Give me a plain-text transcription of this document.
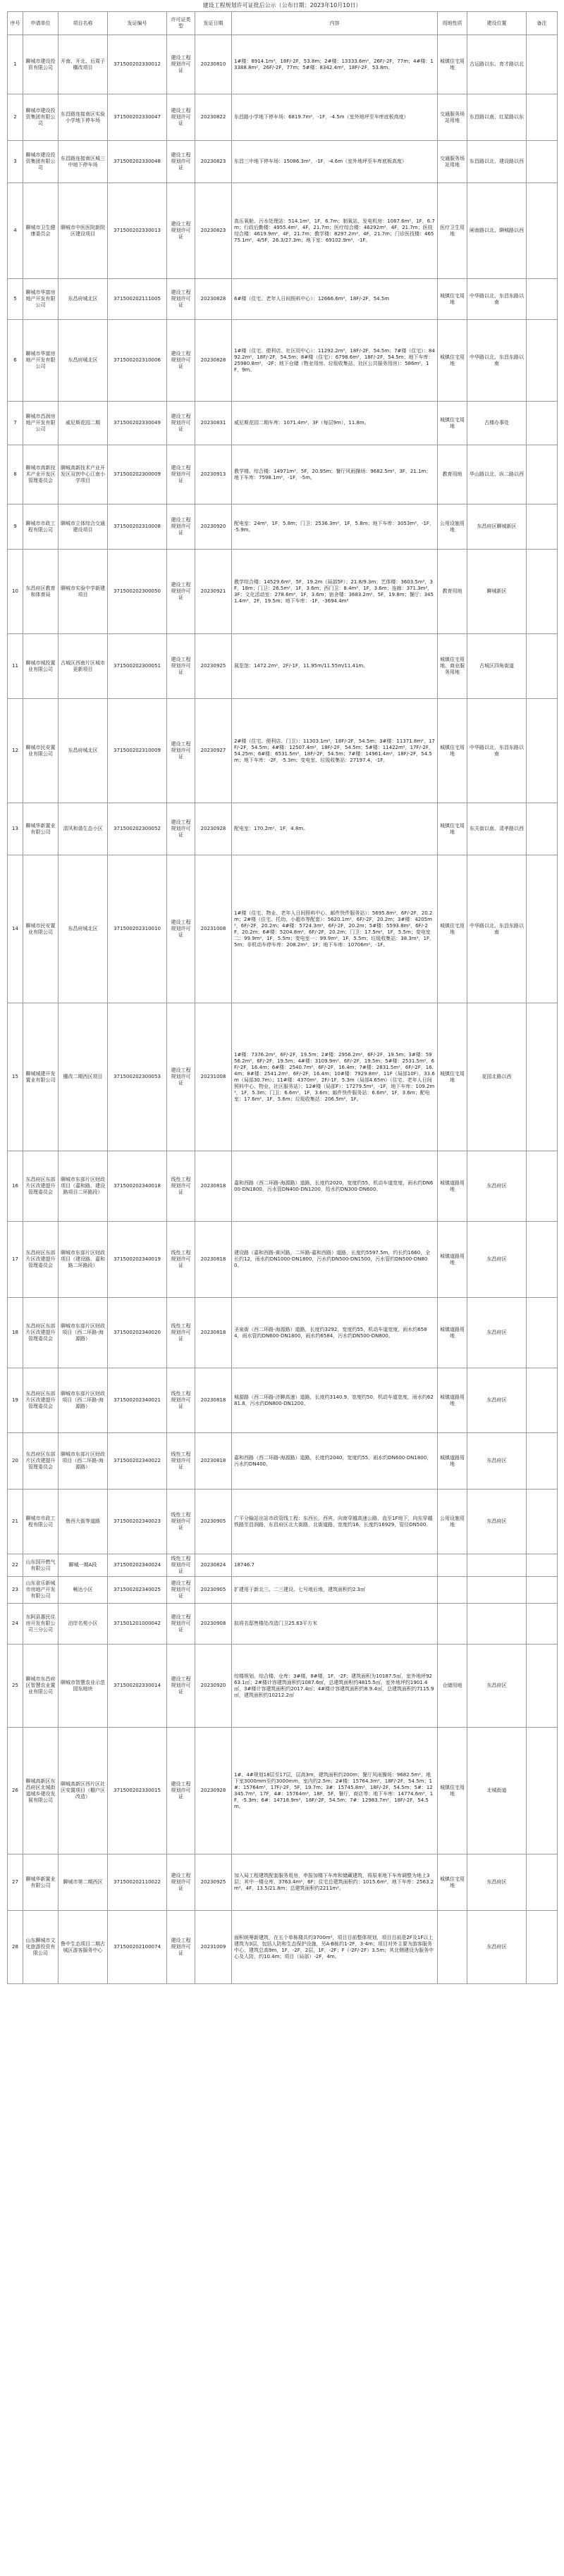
建设工程规划许可证批后公示（公布日期：2023年10月10日）
序号	申请单位	项目名称	发证编号	许可证类型	发证日期	内容	用地性质	建设位置	备注
1	聊城市建设投资有限公司	开南、开北、后周子棚改项目	371500202330012	建设工程规划许可证	20230810	1#楼：8914.1m²，18F/-2F，53.8m；2#楼：13333.6m²，26F/-2F，77m；4#楼：13388.8m²，26F/-2F，77m；5#楼：8342.4m²，18F/-2F，53.8m。	城镇住宅用地	古运路以东、育才路以北	
2	聊城市建设投资集团有限公司	东昌路连接南区实验小学地下停车场	371500202330047	建设工程规划许可证	20230822	东昌路小学地下停车场：6819.7m²，-1F，-4.5m（室外地坪至车库底板高度）	交通服务场站用地	东昌路以南、红星路以东	
3	聊城市建设投资集团有限公司	东昌路连接南区城三中地下停车场	371500202330048	建设工程规划许可证	20230823	东昌三中地下停车场：15086.3m²，-1F，-4.6m（室外地坪至车库底板高度）	交通服务场站用地	东昌路以北、建设路以西	
4	聊城市卫生健康委员会	聊城市中医医院新院区建设项目	371500202330013	建设工程规划许可证	20230823	高压氧舱、污水处理站：514.1m²，1F，6.7m；制氧站、发电机房：1087.6m²，1F，6.7m；行政后勤楼：4955.4m²，4F，21.7m；医疗综合楼：46292m²，4F，21.7m；医技综合楼：4619.9m²，4F，21.7m；教学楼：8297.2m²，4F，21.7m；门诊医技楼：46575.1m²，4/5F，26.3/27.3m；地下室：69102.9m²，-1F。	医疗卫生用地	闸南路以北、聊城路以西	
5	聊城市华富房地产开发有限公司	东昌府城北区	371500202111005	建设工程规划许可证	20230828	6#楼（住宅、老年人日间照料中心）：12666.6m²，18F/-2F，54.5m	城镇住宅用地	中华路以北、东昌东路以南	
6	聊城市华富房地产开发有限公司	东昌府城北区	371500202310006	建设工程规划许可证	20230828	1#楼（住宅、便利店、社区用中心）：11292.2m²，18F/-2F，54.5m；7#楼（住宅）：8492.2m²，18F/-2F，54.5m；8#楼（住宅）：6798.6m²，18F/-2F，54.5m；地下车库：25980.8m²，-2F；地下仓储（物业用房、垃圾收集站、社区公共服务用房）：586m²，1F，9m。	城镇住宅用地	中华路以北、东昌东路以南	
7	聊城市昌润房地产开发有限公司	威尼斯花园二期	371500202330049	建设工程规划许可证	20230831	威尼斯花园二期车库：1071.4m²，3F（每层9m），11.8m。	城镇住宅用地	古楼办事处	
8	聊城市高新技术产业开发区管理委员会	聊城高新技术产业开发区双创中心江南小学项目	371500202300009	建设工程规划许可证	20230913	教学楼、综合楼：14971m²，5F，20.95m；餐厅风雨操场：9682.5m²，3F，21.1m；地下车库：7598.1m²，-1F，-5m。	教育用地	华山路以北、纵二路以西	
9	聊城市市政工程有限公司	聊城市立体综合交通建设项目	371500202310008	建设工程规划许可证	20230920	配电室：24m²，1F，5.8m；门卫：2536.3m²，1F，5.8m；地下车库：3053m²，-1F，-5.9m。	公用设施用地	东昌府区聊城新区	
10	东昌府区教育和体育局	聊城市实验中学新建项目	371500202300050	建设工程规划许可证	20230921	教学综合楼：14529.6m²，5F，19.2m（局部5F）；21.8/9.3m；艺体楼：3603.5m²，3F，18m；门卫：26.5m²，1F，3.6m；西门卫：8.4m²，1F，3.6m；连廊：371.3m²，3F；文化活动室：278.6m²，1F，3.6m；宿舍楼：3683.2m²，5F，19.8m；餐厅：3451.4m²，2F，19.5m；地下车库：-1F，-3694.4m²	教育用地	聊城新区	
11	聊城市城投置业有限公司	古城区西南片区城市更新项目	371500202300051	建设工程规划许可证	20230925	展览馆：1472.2m²，2F/-1F，11.95m/11.55m/11.41m。	城镇住宅用地、商业服务用地	古城区四角街道	
12	聊城市民安置业有限公司	东昌府城北区	371500202310009	建设工程规划许可证	20230927	2#楼（住宅、便利店、门卫）：11303.1m²，18F/-2F，54.5m；3#楼：11371.8m²，17F/-2F，54.5m；4#楼：12507.4m²，18F/-2F，54.5m；5#楼：11422m²，17F/-2F，54.25m；6#楼：6531.5m²，18F/-2F，54.5m；7#楼：14961.4m²，18F/-2F，54.5m；地下车库：-2F，-5.3m；变电室、垃圾收集站：27197.4，-1F。	城镇住宅用地	中华路以北、东昌东路以南	
13	聊城华新置业有限公司	清风和谐生态小区	371500202300052	建设工程规划许可证	20230928	配电室：170.2m²，1F，4.8m。	城镇住宅用地	东关街以南、清孝路以西	
14	聊城市民安置业有限公司	东昌府城北区	371500202310010	建设工程规划许可证	20231008	1#楼（住宅、物业、老年人日间照料中心、邮件快件服务站）：5695.8m²，6F/-2F，20.2m；2#楼（住宅、托幼、小超市等配套）：5620.1m²，6F/-2F，20.2m；3#楼：4205m²，6F/-2F，20.2m；4#楼：5724.3m²，6F/-2F，20.2m；5#楼：5593.8m²，6F/-2F，20.2m；6#楼：5204.8m²，6F/-2F，20.2m；门卫：17.5m²，1F，5.5m；变电室二：99.9m²，1F，5.5m；变电室一：99.9m²，1F，5.5m；垃圾收集站：38.3m²，1F，5m；非机动车停车库：208.2m²，1F；地下车库：10706m²，-1F。	城镇住宅用地	中华路以北、东昌东路以南	
15	聊城城建开发置业有限公司	棚改二期西区项目	371500202300053	建设工程规划许可证	20231008	1#楼：7376.2m²，6F/-2F，19.5m；2#楼：2956.2m²，6F/-2F，19.5m；3#楼：5956.2m²，6F/-2F，19.5m；4#楼：3109.9m²，6F/-2F，19.5m；5#楼：2531.5m²，6F/-2F，16.4m；6#楼：2540.7m²，6F/-2F，16.4m；7#楼：2831.5m²，6F/-2F，16.4m；8#楼：2541.2m²，6F/-2F，16.4m；10#楼：7929.8m²，11F（局部10F），33.6m（局部30.7m）；11#楼：4370m²，2F/-1F，5.3m（局部4.65m）（住宅、老年人日间照料中心、物业、社区服务站）；12#楼（局部F）：17279.5m²，-1F，地下车库：109.2m²，1F，5.3m；门卫：6.6m²，1F，3.6m；邮件快件服务站：6.6m²，1F，3.6m；配电室：17.6m²，1F，5.6m；垃圾收集站：206.5m²，1F。	城镇住宅用地	花园北路以西	
16	东昌府区东部片区改建提升管理委员会	聊城市东部片区财政项目（嘉和路、建设路项目二环路段）	371500202340018	线性工程规划许可证	20230818	嘉和西路（西二环路-海源路）道路，长度约2020，宽度约55，机动车道宽度，雨水约DN600-DN1800，污水管DN400-DN1200，给水约DN300-DN600。	城镇道路用地	东昌府区	
17	东昌府区东部片区改建提升管理委员会	聊城市东部片区财政项目（建设路、嘉和路二环路段）	371500202340019	线性工程规划许可证	20230818	建设路（嘉和西路-黄河路，二环路-嘉和西路）道路，长度约5597.5m，约长约1660，全长约12，雨水约DN1000-DN1800，污水约DN500-DN1500，污水管约DN500-DN800。	城镇道路用地	东昌府区	
18	东昌府区东部片区改建提升管理委员会	聊城市东部片区财政项目（西二环路-海源路）	371500202340020	线性工程规划许可证	20230818	圣泉街（西二环路-海源路）道路，长度约3292，宽度约55，机动车道宽度，雨水约6584，雨水管约DN600-DN1800，雨水约6584，污水约DN500-DN800。	城镇道路用地	东昌府区	
19	东昌府区东部片区改建提升管理委员会	聊城市东部片区财政项目（西二环路-海源路）	371500202340021	线性工程规划许可证	20230818	城源路（西二环路-济聊高速）道路，长度约3140.9，宽度约50，机动车道宽度，雨水约6281.8，污水约DN800-DN1200。	城镇道路用地	东昌府区	
20	东昌府区东部片区改建提升管理委员会	聊城市东部片区财政项目（西二环路-海源路）	371500202340022	线性工程规划许可证	20230818	嘉和西路（西二环路-海源路）道路，长度约2040，宽度约55，雨水约DN600-DN1800，污水约DN400。	城镇道路用地	东昌府区	
21	聊城市市政工程有限公司	鲁西大街等道路	371500202340023	线性工程规划许可证	20230905	广平分输站出站市政管线工程：东西长，西宾，向南穿越高速公路、直至1F地下，向东穿越铁路至昌润路，东昌府区北大街路，北街道路，宽度约16，长度约16929，管径DN500。	公用设施用地	东昌府区	
22	山东国开燃气有限公司	聊城一期A段	371500202340024	线性工程规划许可证	20230824	18746.7			
23	山东省乐新城市房地产开发有限公司	畅达小区	371500202340025	建设工程规划许可证	20230905	扩建用于新北三、二三建设、七号地后地，建筑面积约2.3㎡			
24	东阿县惠民住房开发有限公司三分公司	泊岸名苑小区	371501201000042	建设工程规划许可证	20230908	拟将名邸售楼处改造门卫25.63平方米			
25	聊城市东昌府区智慧农业置业有限公司	聊城市智慧农业示范园东地块	371500202330014	建设工程规划许可证	20230920	综楼规划，综合楼、仓库：3#楼，8#楼，1F，-2F；建筑面积为10187.5㎡，室外地坪9263.1㎡；2#楼计容建筑面积约1087.6㎡，总建筑面积约4815.5㎡，室外地坪约1901.4㎡，3#楼计容建筑面积约2017.4㎡；4#楼计容建筑面积约8.9.4㎡，总建筑面积约7115.9㎡，建筑面积约10212.2㎡	仓储用地	东昌府区	
26	聊城高新区东昌府区北城街道城乡建设发展有限公司	聊城高新区西片区社区安置项目（棚户区改造）	371500202330015	建设工程规划许可证	20230928	1#、4#规划18层至17层，层高3m，建筑面积约200m；餐厅风雨操场：9682.5m²，地下室3000mm至约3000mm，室内约2.5m；2#楼：15764.3m²，18F/-2F，54.5m；1#：15764m²，17F/-2F，5F，19.7m；3#：15745.8m²，18F/-2F，54.5m；5#：12345.7m²，17F，4#：15764m²，18F，5F，餐厅，商店等；地下车库：14774.6m²，1F，-5.3m；6#：14718.9m²，18F/-2F，54.5m；7#：12983.7m²，18F/-2F，54.5m。	城镇住宅用地	北城街道	
27	聊城华新置业有限公司	聊城市第二期西区	371500202110022	建设工程规划许可证	20230925	加入局工程建筑配套服务用房，申报加楼下车库和储藏建筑，将原来地下车库调整为地上3层；其中一楼仓库，3763.4m²，6F；住宅总建筑面积约：1015.6m²，地下车库：2563.2m²，4F，13.5/21.8m；总建筑面积约2211m²。	城镇住宅用地	东昌府区	
28	山东聊城市文化旅游投资有限公司	鲁中生态项目二期古城区游客服务中心	371500202100074	建设工程规划许可证	20231009	面积统筹新建筑，在五个单栋楼共约3700m²，项目目前整体规划，项目目前是2F及1F以上建筑为3层，包括人防和生态保护设施，另A-B栋约1-2F，3-4m；项目对外主要为游客服务中心，建筑总高9m，1F，-2F，2层，1F，-2F；F（-2F/-2F）3.5m；其北侧建设为服务中心及人防，约10.4m；项目（局部）-2F，4m。		东昌府区	
